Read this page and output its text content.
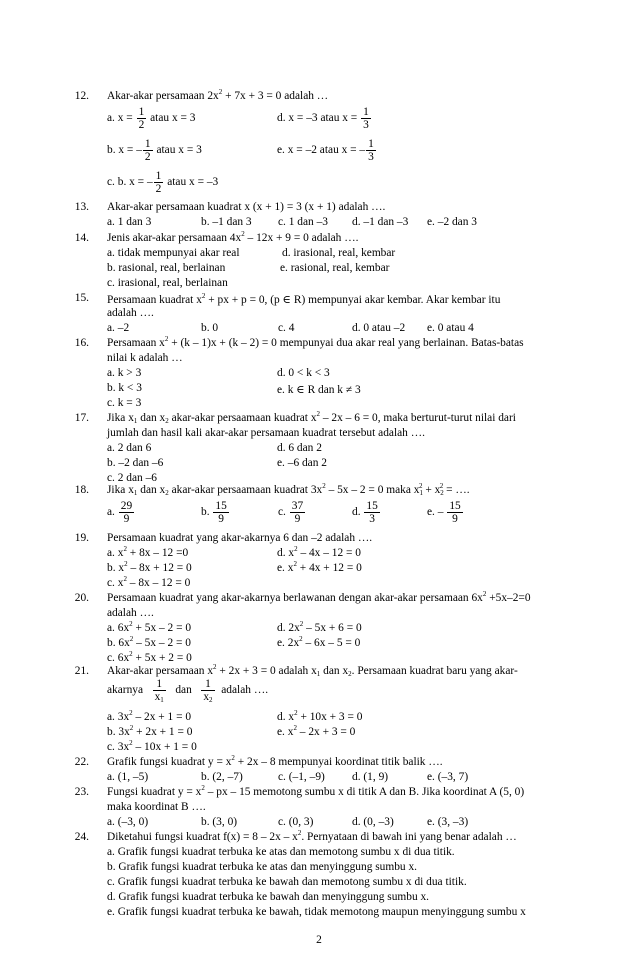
12. Akar-akar persamaan $2x^2 + 7x + 3 = 0$ adalah …
a. $x = \frac{1}{2}$ atau x = 3	d. x = –3 atau $x = \frac{1}{3}$
b. x = – $\frac{1}{2}$ atau x = 3	e. x = –2 atau x = – $\frac{1}{3}$
c. b. x = – $\frac{1}{2}$ atau x = –3
13. Akar-akar persamaan kuadrat x (x + 1) = 3 (x + 1) adalah ….
a. 1 dan 3	b. –1 dan 3 c. 1 dan –3 d. –1 dan –3 e. –2 dan 3
14. Jenis akar-akar persamaan $4x^2 - 12x + 9 = 0$ adalah ….
a. tidak mempunyai akar real	d. irasional, real, kembar
b. rasional, real, berlainan	e. rasional, real, kembar
c. irasional, real, berlainan
15. Persamaan kuadrat $x^2$ + px + p = 0, (p ∈ R) mempunyai akar kembar. Akar kembar itu
adalah ….
a. –2	b. 0	c. 4	d. 0 atau –2 e. 0 atau 4
16. Persamaan $x^2 + (k - 1)x + (k - 2) = 0$ mempunyai dua akar real yang berlainan. Batas-batas
nilai k adalah …
a. k > 3	d. 0 < k < 3
b. k < 3	e. k ∈ R dan k ≠ 3
c. k = 3
17. Jika $x_1$ dan $x_2$ akar-akar persaamaan kuadrat $x^2 - 2x - 6 = 0$, maka berturut-turut nilai dari
jumlah dan hasil kali akar-akar persamaan kuadrat tersebut adalah ….
a. 2 dan 6	d. 6 dan 2
b. –2 dan –6	e. –6 dan 2
c. 2 dan –6
18. Jika $x_1$ dan $x_2$ akar-akar persaamaan kuadrat $3x^2 - 5x - 2 = 0$ maka $x_1^2 + x_2^2$ = ….
a. $\frac{29}{9}$	b. $\frac{15}{9}$	c. $\frac{37}{9}$	d. $\frac{15}{3}$	e. – $\frac{15}{9}$
19. Persamaan kuadrat yang akar-akarnya 6 dan –2 adalah ….
a. $x^2 + 8x - 12 =0$	d. $x^2 - 4x - 12 = 0$
b. $x^2 - 8x + 12 = 0$	e. $x^2 + 4x + 12 = 0$
c. $x^2 - 8x - 12 = 0$
20. Persamaan kuadrat yang akar-akarnya berlawanan dengan akar-akar persamaan $6x^2 +5x-2=0$
adalah ….
a. $6x^2 + 5x - 2 = 0$	d. $2x^2 - 5x + 6 = 0$
b. $6x^2 - 5x - 2 = 0$	e. $2x^2 - 6x - 5 = 0$
c. $6x^2 + 5x + 2 = 0$
21. Akar-akar persamaan $x^2 + 2x + 3 = 0$ adalah $x_1$ dan $x_2$. Persamaan kuadrat baru yang akar-
akarnya $\frac{1}{x_1}$ dan $\frac{1}{x_2}$ adalah ….
a. $3x^2 - 2x + 1 = 0$	d. $x^2 + 10x + 3 = 0$
b. $3x^2 + 2x + 1 = 0$	e. $x^2 - 2x + 3 = 0$
c. $3x^2 - 10x + 1 = 0$
22. Grafik fungsi kuadrat $y = x^2 + 2x - 8$ mempunyai koordinat titik balik ….
a. (1, –5)	b. (2, –7)	c. (–1, –9) d. (1, 9)	e. (–3, 7)
23. Fungsi kuadrat $y = x^2$ – px – 15 memotong sumbu x di titik A dan B. Jika koordinat A (5, 0)
maka koordinat B ….
a. (–3, 0)	b. (3, 0)	c. (0, 3)	d. (0, –3)	e. (3, –3)
24. Diketahui fungsi kuadrat $f(x) = 8 - 2x - x^2$. Pernyataan di bawah ini yang benar adalah …
a. Grafik fungsi kuadrat terbuka ke atas dan memotong sumbu x di dua titik.
b. Grafik fungsi kuadrat terbuka ke atas dan menyinggung sumbu x.
c. Grafik fungsi kuadrat terbuka ke bawah dan memotong sumbu x di dua titik.
d. Grafik fungsi kuadrat terbuka ke bawah dan menyinggung sumbu x.
e. Grafik fungsi kuadrat terbuka ke bawah, tidak memotong maupun menyinggung sumbu x
2
